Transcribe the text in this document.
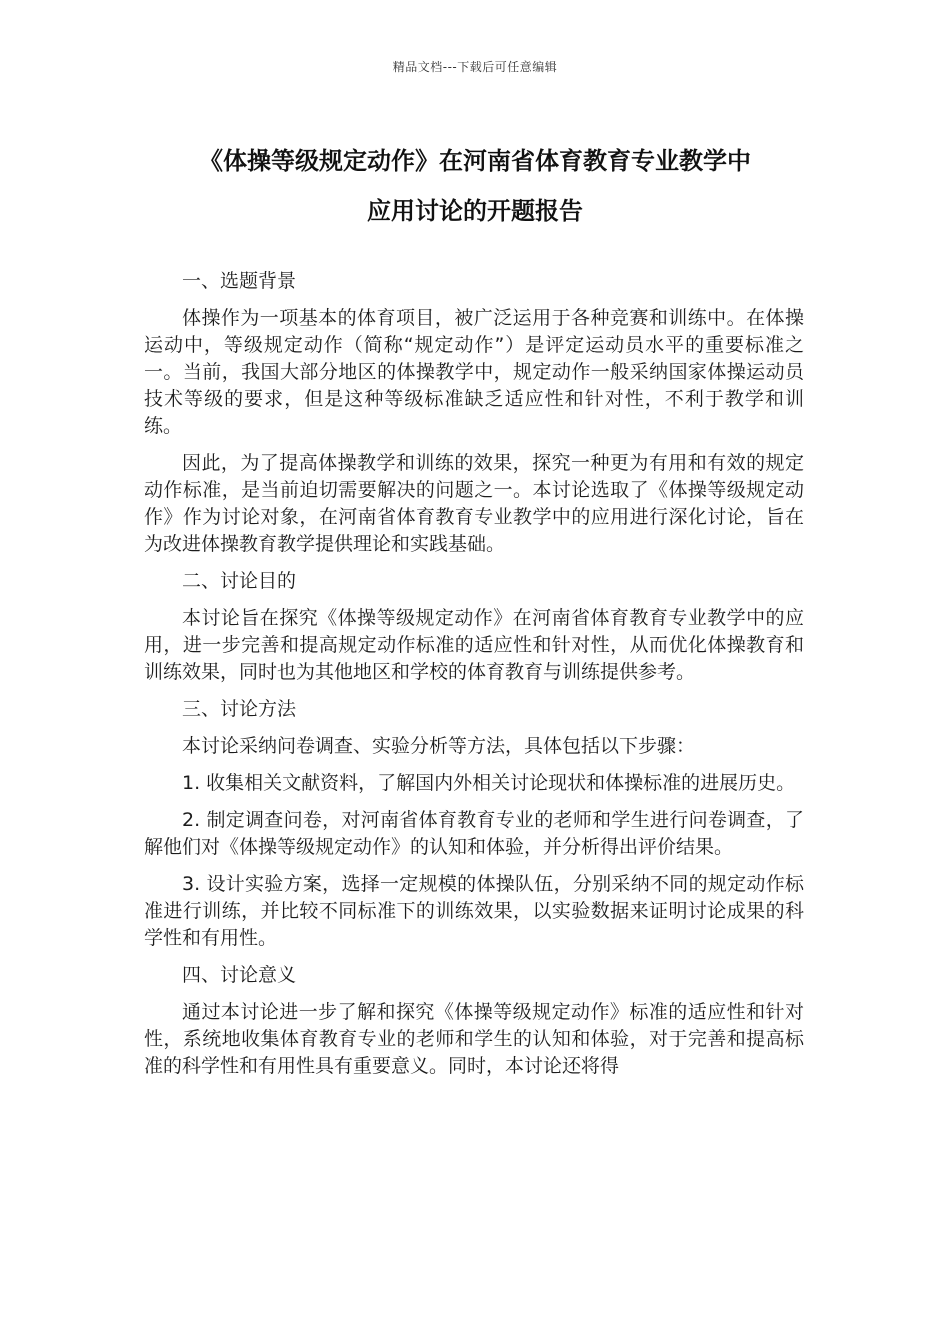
精品文档---下载后可任意编辑
《体操等级规定动作》在河南省体育教育专业教学中
应用讨论的开题报告

一、选题背景

体操作为一项基本的体育项目，被广泛运用于各种竞赛和训练中。在体操运动中，等级规定动作（简称“规定动作”）是评定运动员水平的重要标准之一。当前，我国大部分地区的体操教学中，规定动作一般采纳国家体操运动员技术等级的要求，但是这种等级标准缺乏适应性和针对性，不利于教学和训练。

因此，为了提高体操教学和训练的效果，探究一种更为有用和有效的规定动作标准，是当前迫切需要解决的问题之一。本讨论选取了《体操等级规定动作》作为讨论对象，在河南省体育教育专业教学中的应用进行深化讨论，旨在为改进体操教育教学提供理论和实践基础。

二、讨论目的

本讨论旨在探究《体操等级规定动作》在河南省体育教育专业教学中的应用，进一步完善和提高规定动作标准的适应性和针对性，从而优化体操教育和训练效果，同时也为其他地区和学校的体育教育与训练提供参考。

三、讨论方法

本讨论采纳问卷调查、实验分析等方法，具体包括以下步骤：

1. 收集相关文献资料，了解国内外相关讨论现状和体操标准的进展历史。

2. 制定调查问卷，对河南省体育教育专业的老师和学生进行问卷调查，了解他们对《体操等级规定动作》的认知和体验，并分析得出评价结果。

3. 设计实验方案，选择一定规模的体操队伍，分别采纳不同的规定动作标准进行训练，并比较不同标准下的训练效果，以实验数据来证明讨论成果的科学性和有用性。

四、讨论意义

通过本讨论进一步了解和探究《体操等级规定动作》标准的适应性和针对性，系统地收集体育教育专业的老师和学生的认知和体验，对于完善和提高标准的科学性和有用性具有重要意义。同时，本讨论还将得
